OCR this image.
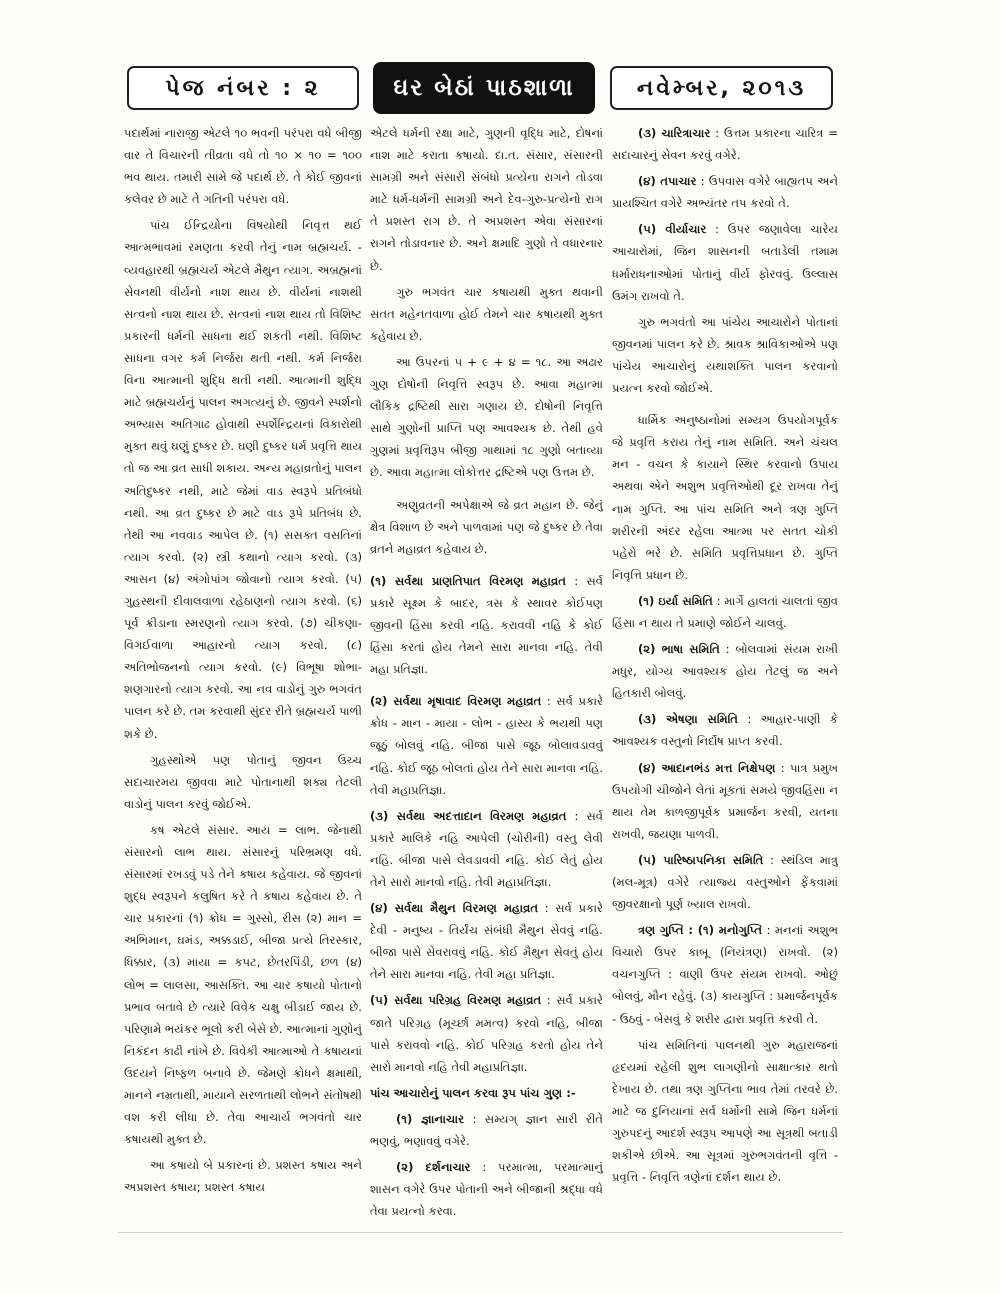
પેજ નંબર : ૨	ઘર બેઠાં પાઠશાળા	નવેમ્બર, ૨૦૧૩

પદાર્થમાં નારાજી એટલે ૧૦ ભવની પરંપરા વધે બીજી વાર તે વિચારની તીવ્રતા વધે તો ૧૦ × ૧૦ = ૧૦૦ ભવ થાય. તમારી સામે જે પદાર્થ છે. તે કોઈ જીવનાં કલેવર છે માટે તે ગતિની પરંપરા વધે.

પાંચ ઈન્દ્રિયોના વિષયોથી નિવૃત્ત થઈ આત્મભાવમાં રમણતા કરવી તેનું નામ બ્રહ્મચર્ય. - વ્યવહારથી બ્રહ્મચર્ય એટલે મૈથુન ત્યાગ. અબ્રહ્મનાં સેવનથી વીર્યનો નાશ થાય છે. વીર્યનાં નાશથી સત્વનો નાશ થાય છે. સત્વનાં નાશ થાય તો વિશિષ્ટ પ્રકારની ધર્મની સાધના થઈ શકતી નથી. વિશિષ્ટ સાધના વગર કર્મ નિર્જરા થતી નથી. કર્મ નિર્જરા વિના આત્માની શુદ્ધિ થતી નથી. આત્માની શુદ્ધિ માટે બ્રહ્મચર્યનું પાલન અગત્યનું છે. જીવને સ્પર્શનો અભ્યાસ અતિગાઢ હોવાથી સ્પર્શેન્દ્રિયનાં વિકારોથી મુક્ત થવું ઘણું દુષ્કર છે. ઘણી દુષ્કર ધર્મ પ્રવૃત્તિ થાય તો જ આ વ્રત સાધી શકાય. અન્ય મહાવ્રતોનું પાલન અતિદુષ્કર નથી, માટે જેમાં વાડ સ્વરૂપે પ્રતિબંધો નથી. આ વ્રત દુષ્કર છે માટે વાડ રૂપે પ્રતિબંધ છે. તેથી આ નવવાડ આપેલ છે. (૧) સસક્ત વસતિનાં ત્યાગ કરવો. (૨) સ્ત્રી કથાનો ત્યાગ કરવો. (૩) આસન (૪) અંગોપાંગ જોવાનો ત્યાગ કરવો. (૫) ગુહસ્થની દીવાલવાળા રહેઠાણનો ત્યાગ કરવો. (૬) પૂર્વ ક્રીડાના સ્મરણનો ત્યાગ કરવો. (૭) ચીકણા-વિગઈવાળા આહારનો ત્યાગ કરવો. (૮) અતિભોજનનો ત્યાગ કરવો. (૯) વિભૂષા શોભા-શણગારનો ત્યાગ કરવો. આ નવ વાડોનું ગુરુ ભગવંત પાલન કરે છે. તમ કરવાથી સુંદર રીતે બ્રહ્મચર્ય પાળી શકે છે.

ગુહસ્થોએ પણ પોતાનું જીવન ઉચ્ચ સદાચારમય જીવવા માટે પોતાનાથી શક્ય તેટલી વાડોનું પાલન કરવું જોઈએ.

કષ એટલે સંસાર. આય = લાભ. જેનાથી સંસારનો લાભ થાય. સંસારનું પરિભ્રમણ વધે. સંસારમાં રખડવું પડે તેને કષાય કહેવાય. જે જીવનાં શુદ્ધ સ્વરૂપને કલુષિત કરે તે કષાય કહેવાય છે. તે ચાર પ્રકારનાં (૧) ક્રોધ = ગુસ્સો, રીસ (૨) માન = અભિમાન, ઘમંડ, અક્કડાઈ, બીજા પ્રત્યે તિરસ્કાર, ધિક્કાર, (૩) માયા = કપટ, છેતરપિંડી, છળ (૪) લોભ = લાલસા, આસક્તિ. આ ચાર કષાયો પોતાનો પ્રભાવ બતાવે છે ત્યારે વિવેક ચક્ષુ બીડાઈ જાય છે. પરિણામે ભયંકર ભૂલો કરી બેસે છે. આત્માનાં ગુણોનું નિકંદન કાઢી નાંખે છે. વિવેકી આત્માઓ તે કષાયનાં ઉદયને નિષ્ફળ બનાવે છે. જેમણે ક્રોધને ક્ષમાથી, માનને નમ્રતાથી, માયાને સરળતાથી લોભને સંતોષથી વશ કરી લીધા છે. તેવા આચાર્ય ભગવંતો ચાર કષાયથી મુક્ત છે.

આ કષાયો બે પ્રકારનાં છે. પ્રશસ્ત કષાય અને અપ્રશસ્ત કષાય; પ્રશસ્ત કષાય

એટલે ધર્મની રક્ષા માટે, ગુણની વૃદ્ધિ માટે, દોષનાં નાશ માટે કરાતા કષાયો. દા.ત. સંસાર, સંસારની સામગ્રી અને સંસારી સંબંધો પ્રત્યેના રાગને તોડવા માટે ધર્મ-ધર્મની સામગ્રી અને દેવ-ગુરુ-પ્રત્યેનો રાગ તે પ્રશસ્ત રાગ છે. તે અપ્રશસ્ત એવા સંસારનાં રાગને તોડાવનાર છે. અને ક્ષમાદિ ગુણો તે વધારનાર છે.

ગુરુ ભગવંત ચાર કષાયથી મુક્ત થવાની સતત મહેનતવાળા હોઈ તેમને ચાર કષાયથી મુક્ત કહેવાય છે.

આ ઉપરનાં ૫ + ૯ + ૪ = ૧૮. આ અઢાર ગુણ દોષોની નિવૃત્તિ સ્વરૂપ છે. આવા મહાત્મા લૌકિક દ્રષ્ટિથી સારા ગણાય છે. દોષોની નિવૃત્તિ સાથે ગુણોની પ્રાપ્તિ પણ આવશ્યક છે. તેથી હવે ગુણમાં પ્રવૃત્તિરૂપ બીજી ગાથામાં ૧૮ ગુણો બતાવ્યા છે. આવા મહાત્મા લોકોત્તર દ્રષ્ટિએ પણ ઉત્તમ છે.

અણુવ્રતની અપેક્ષાએ જે વ્રત મહાન છે. જેનું ક્ષેત્ર વિશાળ છે અને પાળવામાં પણ જે દુષ્કર છે તેવા વ્રતને મહાવ્રત કહેવાય છે.

(૧) સર્વથા પ્રાણતિપાત વિરમણ મહાવ્રત : સર્વ પ્રકારે સૂક્ષ્મ કે બાદર, ત્રસ કે સ્થાવર કોઈપણ જીવની હિંસા કરવી નહિ. કરાવવી નહિ કે કોઈ હિંસા કરતાં હોય તેમને સારા માનવા નહિ. તેવી મહા પ્રતિજ્ઞા.

(૨) સર્વથા મૃષાવાદ વિરમણ મહાવ્રત : સર્વ પ્રકારે ક્રોધ - માન - માયા - લોભ - હાસ્ય કે ભયથી પણ જૂઠું બોલવું નહિ. બીજા પાસે જૂઠ બોલાવડાવવું નહિ. કોઈ જૂઠ બોલતાં હોય તેને સારા માનવા નહિ. તેવી મહાપ્રતિજ્ઞા.

(૩) સર્વથા અદત્તાદાન વિરમણ મહાવ્રત : સર્વ પ્રકારે માલિકે નહિ આપેલી (ચોરીની) વસ્તુ લેવી નહિ. બીજા પાસે લેવડાવવી નહિ. કોઈ લેતું હોય તેને સારો માનવો નહિ. તેવી મહાપ્રતિજ્ઞા.

(૪) સર્વથા મૈથુન વિરમણ મહાવ્રત : સર્વ પ્રકારે દેવી - મનુષ્ય - તિર્યંચ સંબંધી મૈથુન સેવવું નહિ. બીજા પાસે સેવરાવવું નહિ. કોઈ મૈથુન સેવતું હોય તેને સારા માનવા નહિ. તેવી મહા પ્રતિજ્ઞા.

(૫) સર્વથા પરિગ્રહ વિરમણ મહાવ્રત : સર્વ પ્રકારે જાતે પરિગ્રહ (મૂર્ચ્છા મમત્વ) કરવો નહિ, બીજા પાસે કરાવવો નહિ. કોઈ પરિગ્રહ કરતો હોય તેને સારો માનવો નહિ તેવી મહાપ્રતિજ્ઞા.

પાંચ આચારોનું પાલન કરવા રૂપ પાંચ ગુણ :-

(૧) જ્ઞાનાચાર : સમ્યગ્ જ્ઞાન સારી રીતે ભણવું, ભણાવવું વગેરે.

(૨) દર્શનાચાર : પરમાત્મા, પરમાત્માનું શાસન વગેરે ઉપર પોતાની અને બીજાની શ્રદ્ધા વધે તેવા પ્રયત્નો કરવા.

(૩) ચારિત્રાચાર : ઉત્તમ પ્રકારના ચારિત્ર = સદાચારનું સેવન કરવું વગેરે.

(૪) તપાચાર : ઉપવાસ વગેરે બાહ્યતપ અને પ્રાયશ્ચિત વગેરે અભ્યંતર તપ કરવો તે.

(૫) વીર્યાચાર : ઉપર જણાવેલા ચારેય આચારોમાં, જિન શાસનની બતાડેલી તમામ ધર્મારાધનાઓમાં પોતાનું વીર્ય ફોરવવું. ઉલ્લાસ ઉમંગ રાખવો તે.

ગુરુ ભગવંતો આ પાંચેય આચારોને પોતાનાં જીવનમાં પાલન કરે છે. શ્રાવક શ્રાવિકાઓએ પણ પાંચેય આચારોનું યથાશક્તિ પાલન કરવાનો પ્રયત્ન કરવો જોઈએ.

ધાર્મિક અનુષ્ઠાનોમાં સમ્યગ ઉપયોગપૂર્વક જે પ્રવૃત્તિ કરાય તેનું નામ સમિતિ. અને ચંચલ મન - વચન કે કાયાને સ્થિર કરવાનો ઉપાય અથવા એને અશુભ પ્રવૃત્તિઓથી દૂર રાખવા તેનું નામ ગુપ્તિ. આ પાંચ સમિતિ અને ત્રણ ગુપ્તિ શરીરની અંદર રહેલા આત્મા પર સતત ચોકી પહેરો ભરે છે. સમિતિ પ્રવૃત્તિપ્રધાન છે. ગુપ્તિ નિવૃત્તિ પ્રધાન છે.

(૧) ઇર્યા સમિતિ : માર્ગે હાલતાં ચાલતાં જીવ હિંસા ન થાય તે પ્રમાણે જોઈને ચાલવું.

(૨) ભાષા સમિતિ : બોલવામાં સંયમ રાખી મધુર, યોગ્ય આવશ્યક હોય તેટલું જ અને હિતકારી બોલવું.

(૩) એષણા સમિતિ : આહાર-પાણી કે આવશ્યક વસ્તુનો નિર્દોષ પ્રાપ્ત કરવી.

(૪) આદાનભંડ મત્ત નિક્ષેપણ : પાત્ર પ્રમુખ ઉપયોગી ચીજોને લેતાં મૂકતાં સમયે જીવહિંસા ન થાય તેમ કાળજીપૂર્વક પ્રમાર્જન કરવી, યતના રાખવી, જયણા પાળવી.

(૫) પારિષ્ઠાપનિકા સમિતિ : સ્થંડિલ માત્રુ (મલ-મૂત્ર) વગેરે ત્યાજ્ય વસ્તુઓને ફેંકવામાં જીવરક્ષાનો પૂર્ણ ખ્યાલ રાખવો.

ત્રણ ગુપ્તિ : (૧) મનોગુપ્તિ : મનનાં અશુભ વિચારો ઉપર કાબૂ (નિયંત્રણ) રાખવો. (૨) વચનગુપ્તિ : વાણી ઉપર સંયમ રાખવો. ઓછું બોલવું, મૌન રહેવું. (૩) કાયગુપ્તિ : પ્રમાર્જનપૂર્વક - ઉઠવું - બેસવું કે શરીર દ્વારા પ્રવૃત્તિ કરવી તે.

પાંચ સમિતિનાં પાલનથી ગુરુ મહારાજનાં હૃદયમાં રહેલી શુભ લાગણીનો સાક્ષાત્કાર થતો દેખાય છે. તથા ત્રણ ગુપ્તિના ભાવ તેમાં તરવરે છે. માટે જ દુનિયાનાં સર્વ ધર્મોની સામે જિન ધર્મનાં ગુરુપદનું આદર્શ સ્વરૂપ આપણે આ સૂત્રથી બતાડી શકીએ છીએ. આ સૂત્રમાં ગુરુભગવંતની વૃત્તિ - પ્રવૃત્તિ - નિવૃત્તિ ત્રણેનાં દર્શન થાય છે.
